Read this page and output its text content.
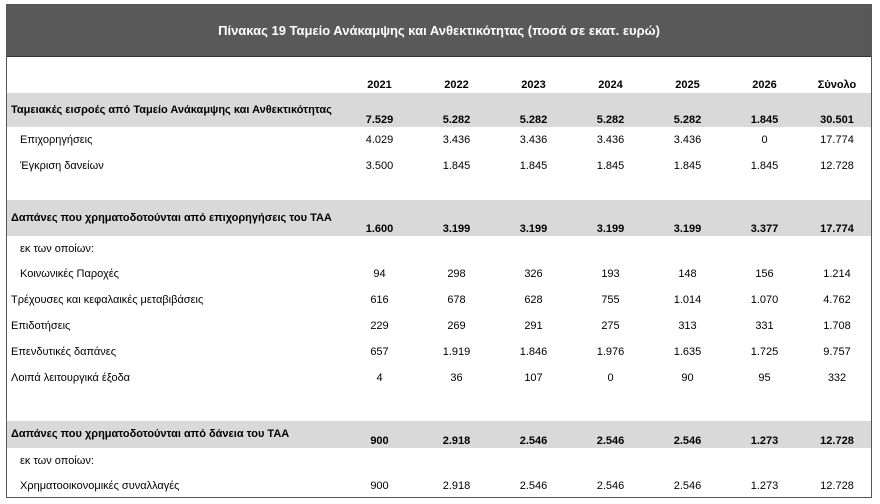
Πίνακας 19 Ταμείο Ανάκαμψης και Ανθεκτικότητας (ποσά σε εκατ. ευρώ)
	2021	2022	2023	2024	2025	2026	Σύνολο
Ταμειακές εισροές από Ταμείο Ανάκαμψης και Ανθεκτικότητας	7.529	5.282	5.282	5.282	5.282	1.845	30.501
Επιχορηγήσεις	4.029	3.436	3.436	3.436	3.436	0	17.774
Έγκριση δανείων	3.500	1.845	1.845	1.845	1.845	1.845	12.728

Δαπάνες που χρηματοδοτούνται από επιχορηγήσεις του ΤΑΑ	1.600	3.199	3.199	3.199	3.199	3.377	17.774
εκ των οποίων:							
Κοινωνικές Παροχές	94	298	326	193	148	156	1.214
Τρέχουσες και κεφαλαικές μεταβιβάσεις	616	678	628	755	1.014	1.070	4.762
Επιδοτήσεις	229	269	291	275	313	331	1.708
Επενδυτικές δαπάνες	657	1.919	1.846	1.976	1.635	1.725	9.757
Λοιπά λειτουργικά έξοδα	4	36	107	0	90	95	332

Δαπάνες που χρηματοδοτούνται από δάνεια του ΤΑΑ	900	2.918	2.546	2.546	2.546	1.273	12.728
εκ των οποίων:							
Χρηματοοικονομικές συναλλαγές	900	2.918	2.546	2.546	2.546	1.273	12.728
